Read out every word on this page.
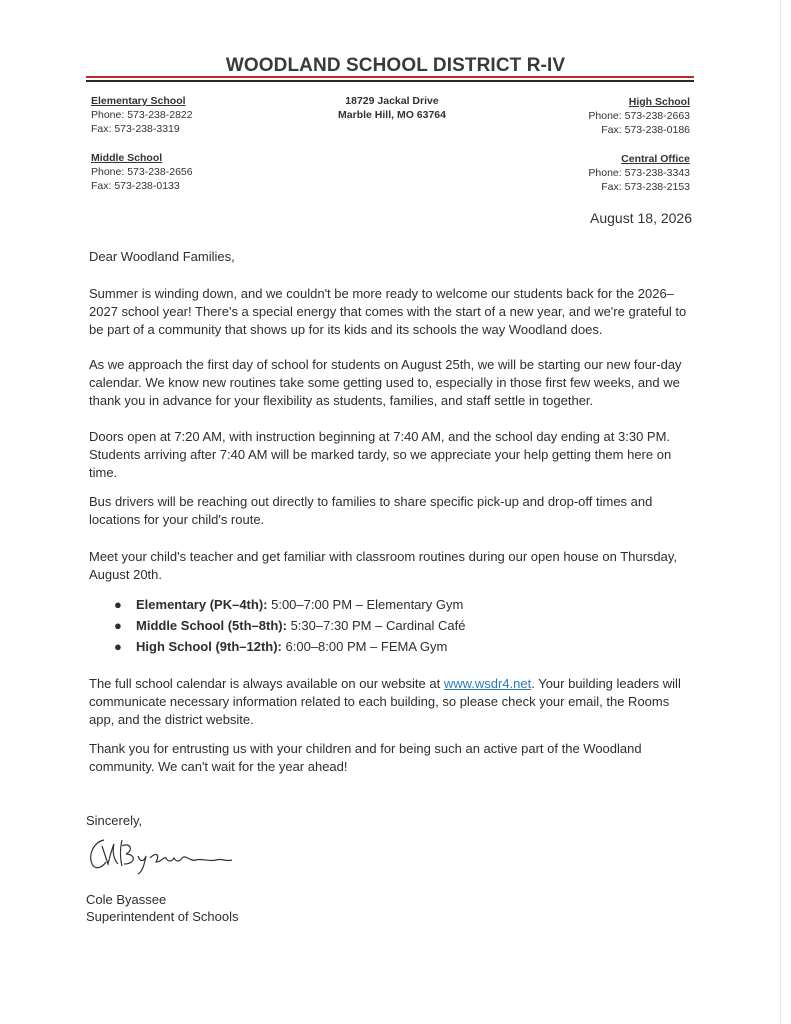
WOODLAND SCHOOL DISTRICT R-IV
Elementary School
Phone: 573-238-2822
Fax: 573-238-3319
Middle School
Phone: 573-238-2656
Fax: 573-238-0133
18729 Jackal Drive
Marble Hill, MO 63764
High School
Phone: 573-238-2663
Fax: 573-238-0186
Central Office
Phone: 573-238-3343
Fax: 573-238-2153
August 18, 2026

Dear Woodland Families,

Summer is winding down, and we couldn't be more ready to welcome our students back for the 2026–2027 school year! There's a special energy that comes with the start of a new year, and we're grateful to be part of a community that shows up for its kids and its schools the way Woodland does.

As we approach the first day of school for students on August 25th, we will be starting our new four-day calendar. We know new routines take some getting used to, especially in those first few weeks, and we thank you in advance for your flexibility as students, families, and staff settle in together.

Doors open at 7:20 AM, with instruction beginning at 7:40 AM, and the school day ending at 3:30 PM. Students arriving after 7:40 AM will be marked tardy, so we appreciate your help getting them here on time.

Bus drivers will be reaching out directly to families to share specific pick-up and drop-off times and locations for your child's route.

Meet your child's teacher and get familiar with classroom routines during our open house on Thursday, August 20th.

● Elementary (PK–4th): 5:00–7:00 PM – Elementary Gym
● Middle School (5th–8th): 5:30–7:30 PM – Cardinal Café
● High School (9th–12th): 6:00–8:00 PM – FEMA Gym

The full school calendar is always available on our website at www.wsdr4.net. Your building leaders will communicate necessary information related to each building, so please check your email, the Rooms app, and the district website.

Thank you for entrusting us with your children and for being such an active part of the Woodland community. We can't wait for the year ahead!

Sincerely,
Cole Byassee
Superintendent of Schools
